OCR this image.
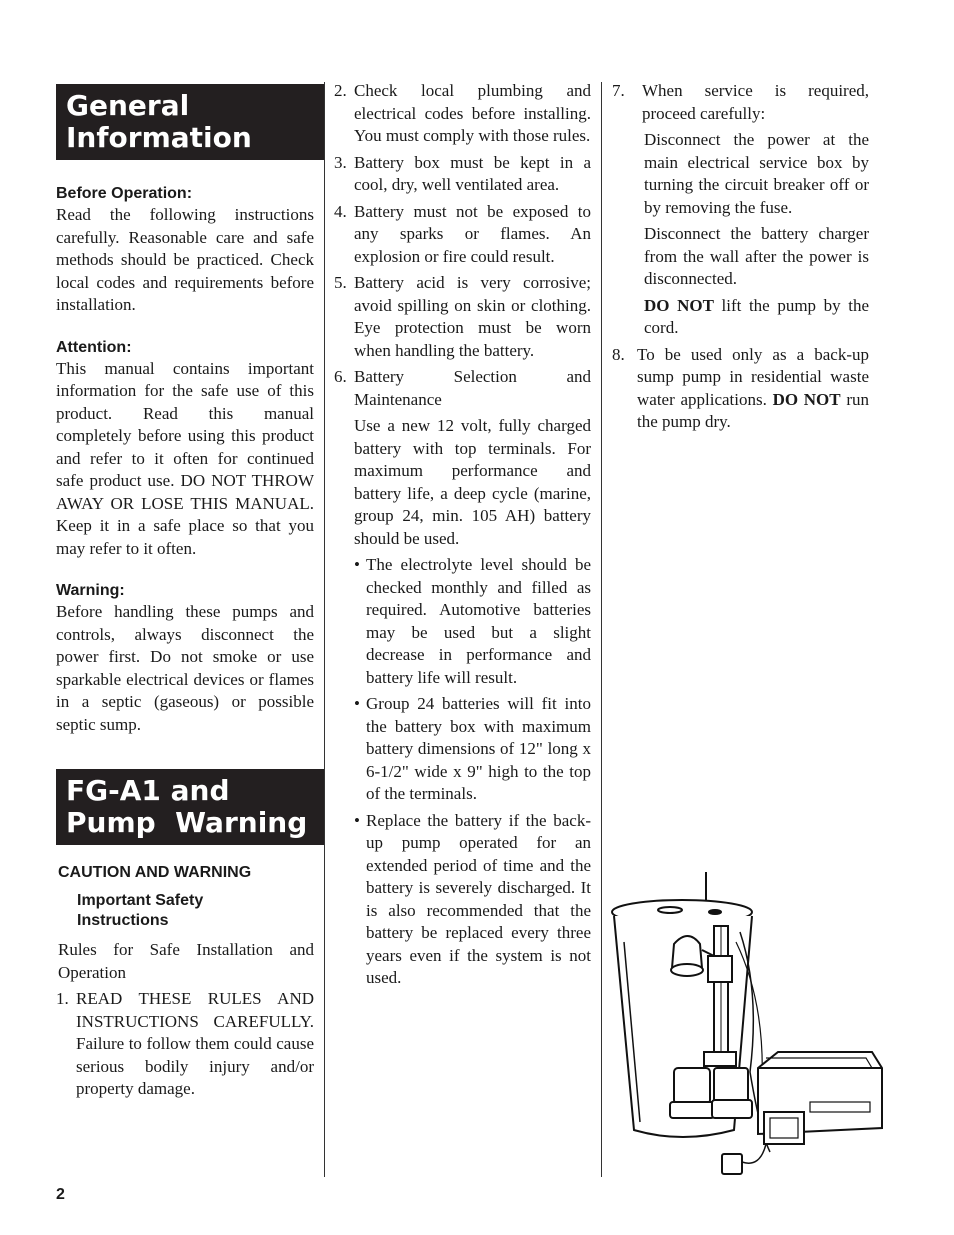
General
Information
Before Operation:

Read the following instructions carefully. Reasonable care and safe methods should be practiced. Check local codes and requirements before installation.

Attention:

This manual contains important information for the safe use of this product. Read this manual completely before using this product and refer to it often for continued safe product use. DO NOT THROW AWAY OR LOSE THIS MANUAL. Keep it in a safe place so that you may refer to it often.

Warning:

Before handling these pumps and controls, always disconnect the power first. Do not smoke or use sparkable electrical devices or flames in a septic (gaseous) or possible septic sump.

FG-A1 and
Pump  Warning
CAUTION AND WARNING
Important Safety Instructions

Rules for Safe Installation and Operation

1. READ THESE RULES AND INSTRUCTIONS CAREFULLY. Failure to follow them could cause serious bodily injury and/or property damage.
2. Check local plumbing and electrical codes before installing. You must comply with those rules.
3. Battery box must be kept in a cool, dry, well ventilated area.
4. Battery must not be exposed to any sparks or flames. An explosion or fire could result.
5. Battery acid is very corrosive; avoid spilling on skin or clothing. Eye protection must be worn when handling the battery.
6. Battery Selection and Maintenance

Use a new 12 volt, fully charged battery with top terminals. For maximum performance and battery life, a deep cycle (marine, group 24, min. 105 AH) battery should be used.

• The electrolyte level should be checked monthly and filled as required. Automotive batteries may be used but a slight decrease in performance and battery life will result.
• Group 24 batteries will fit into the battery box with maximum battery dimensions of 12" long x 6-1/2" wide x 9" high to the top of the terminals.
• Replace the battery if the back-up pump operated for an extended period of time and the battery is severely discharged. It is also recommended that the battery be replaced every three years even if the system is not used.
7.	When service is required, proceed carefully:

Disconnect the power at the main electrical service box by turning the circuit breaker off or by removing the fuse.

Disconnect the battery charger from the wall after the power is disconnected.

DO NOT lift the pump by the cord.

8. To be used only as a back-up sump pump in residential waste water applications. DO NOT run the pump dry.
2
